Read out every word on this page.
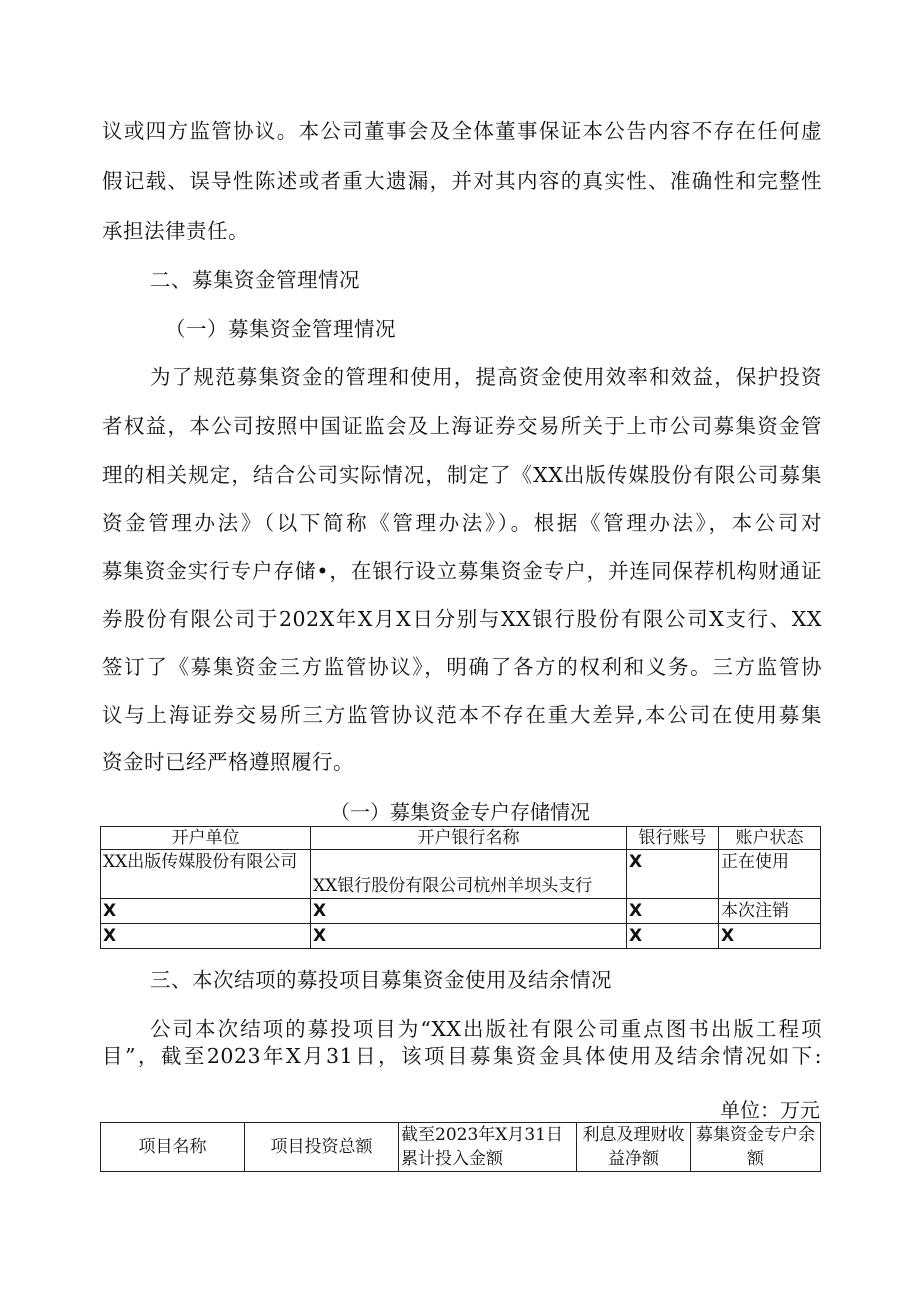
议或四方监管协议。本公司董事会及全体董事保证本公告内容不存在任何虚
假记载、误导性陈述或者重大遗漏，并对其内容的真实性、准确性和完整性
承担法律责任。
二、募集资金管理情况
（一）募集资金管理情况
为了规范募集资金的管理和使用，提高资金使用效率和效益，保护投资
者权益，本公司按照中国证监会及上海证券交易所关于上市公司募集资金管
理的相关规定，结合公司实际情况，制定了《XX出版传媒股份有限公司募集
资金管理办法》（以下简称《管理办法》）。根据《管理办法》，本公司对
募集资金实行专户存储•，在银行设立募集资金专户，并连同保荐机构财通证
券股份有限公司于202X年X月X日分别与XX银行股份有限公司X支行、XX
签订了《募集资金三方监管协议》，明确了各方的权利和义务。三方监管协
议与上海证券交易所三方监管协议范本不存在重大差异,本公司在使用募集
资金时已经严格遵照履行。
（一）募集资金专户存储情况
开户单位	开户银行名称	银行账号	账户状态
XX出版传媒股份有限公司	XX银行股份有限公司杭州羊坝头支行	X	正在使用
X	X	X	本次注销
X	X	X	X
三、本次结项的募投项目募集资金使用及结余情况
公司本次结项的募投项目为“XX出版社有限公司重点图书出版工程项
目”，截至2023年X月31日，该项目募集资金具体使用及结余情况如下:
单位：万元
项目名称	项目投资总额	截至2023年X月31日累计投入金额	利息及理财收益净额	募集资金专户余额
